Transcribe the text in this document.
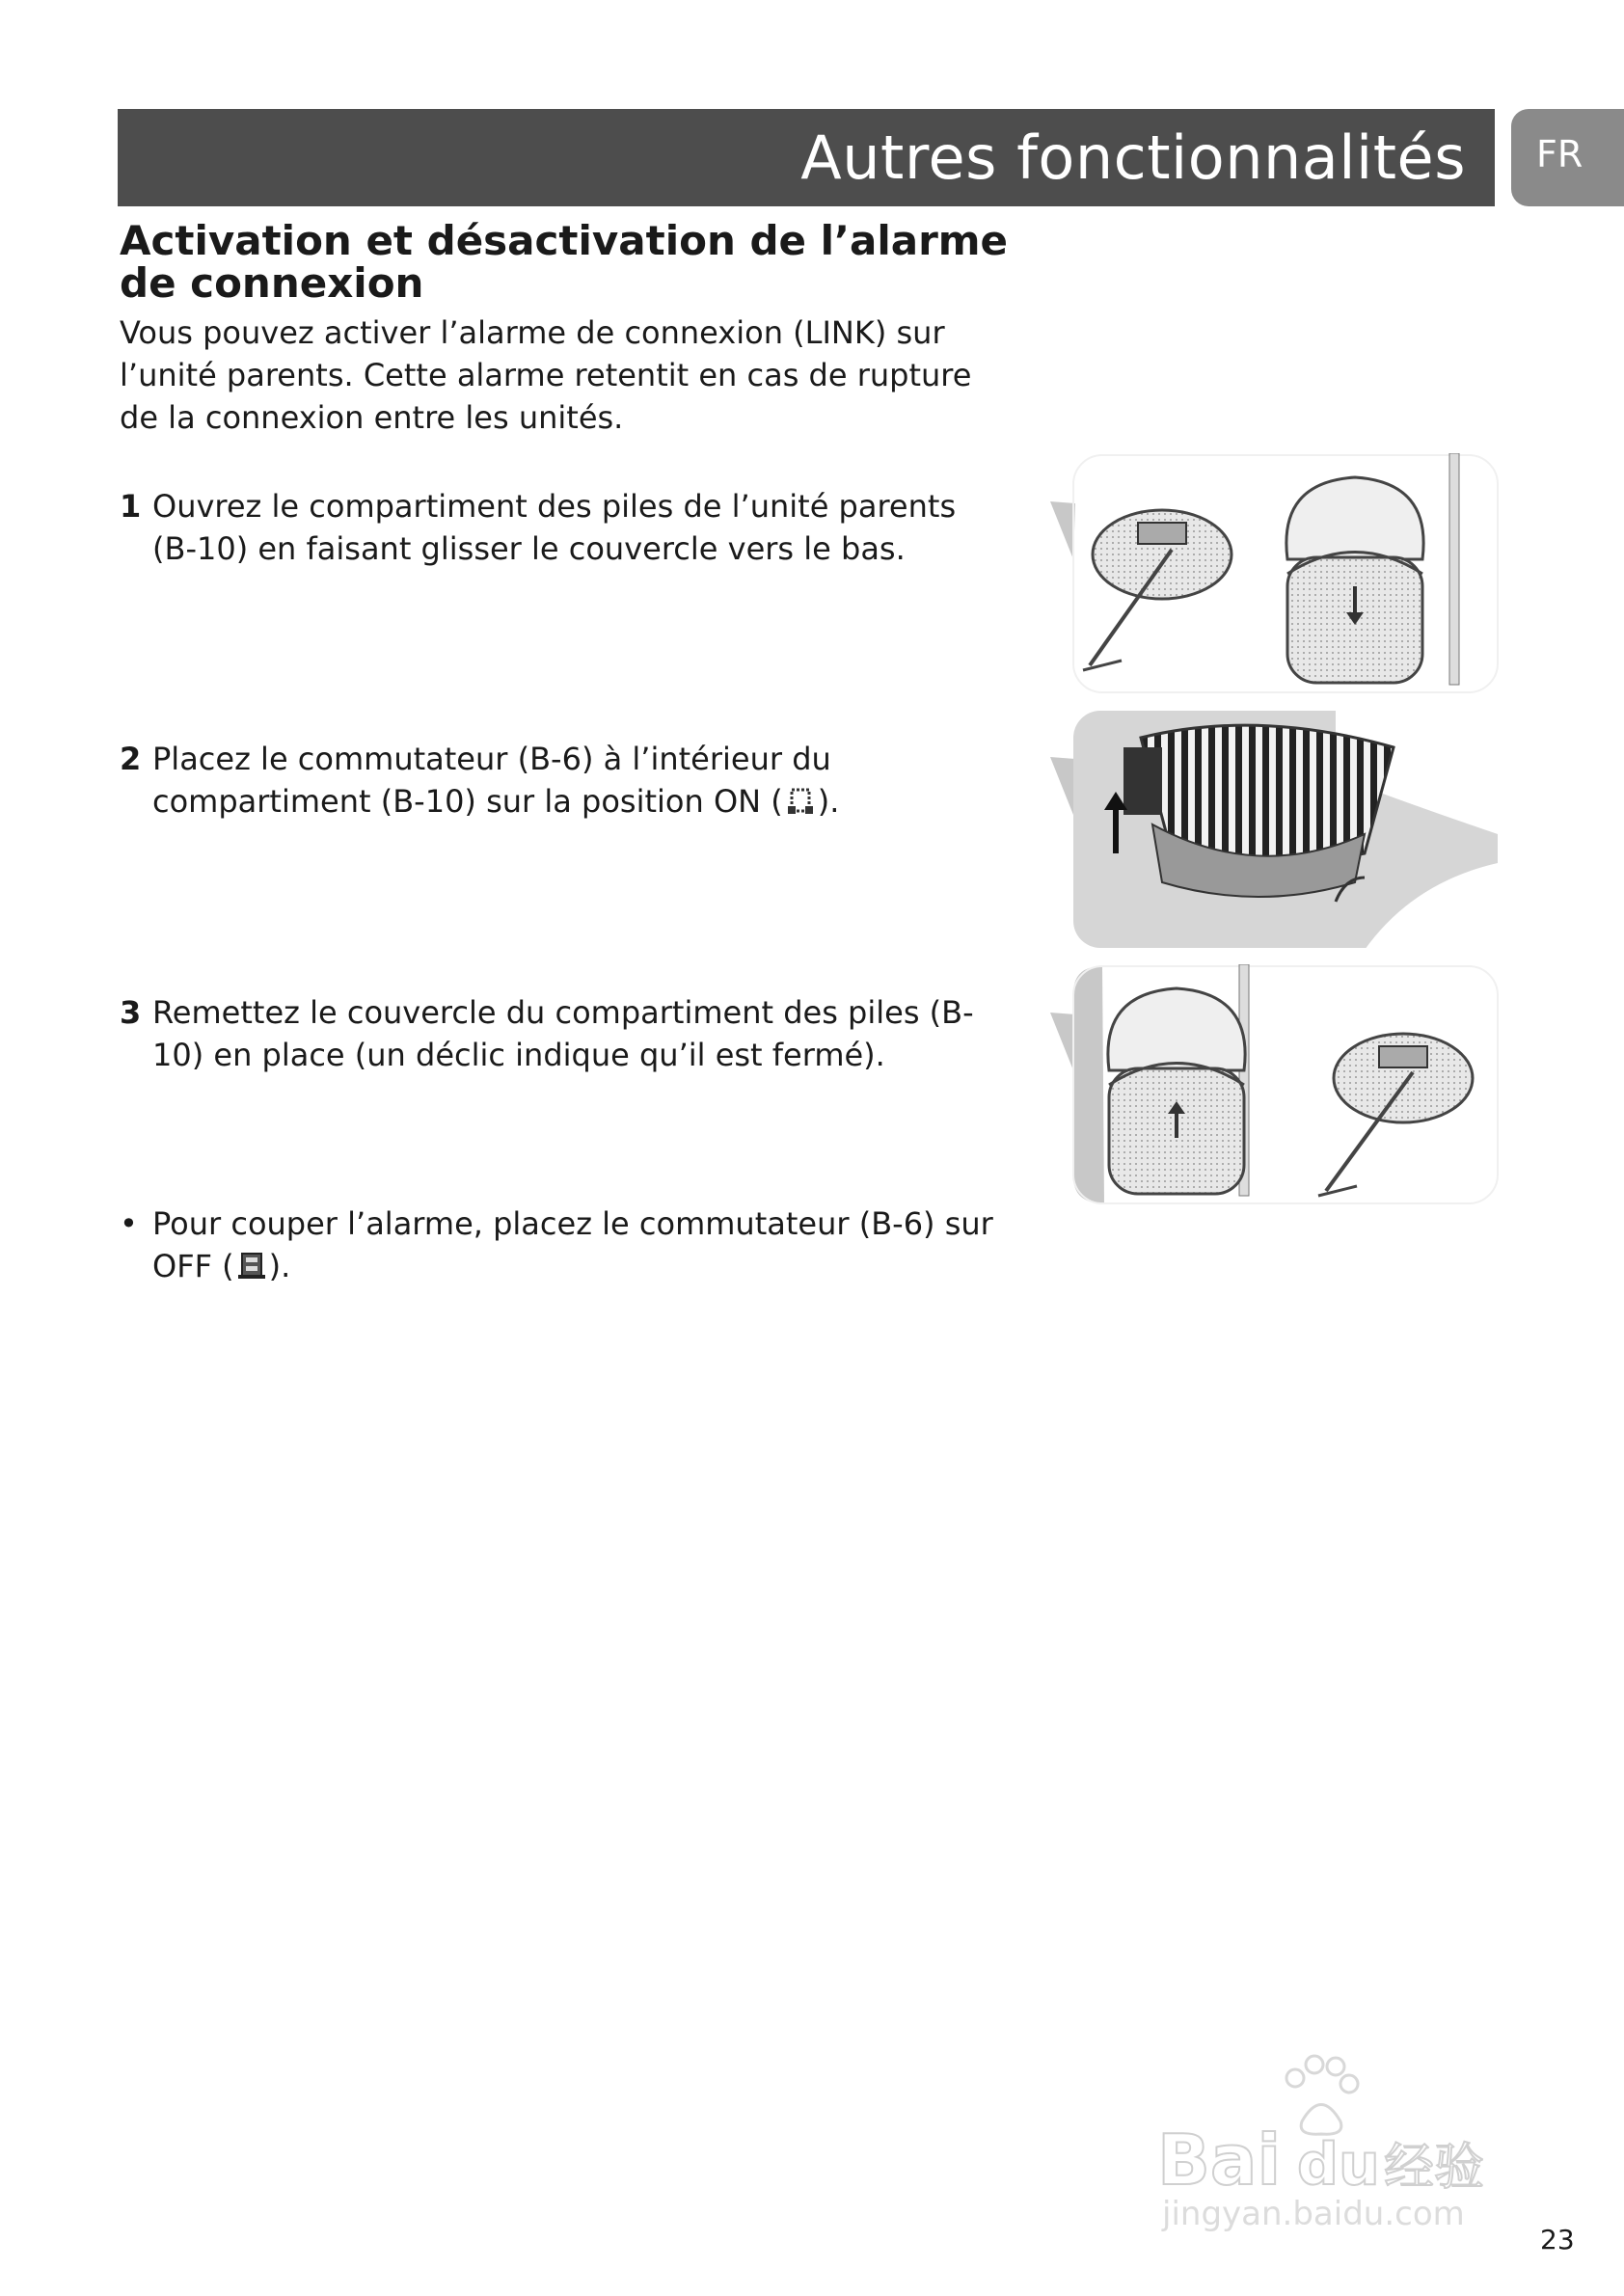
Autres fonctionnalités FR
Activation et désactivation de l’alarme de connexion

Vous pouvez activer l’alarme de connexion (LINK) sur l’unité parents. Cette alarme retentit en cas de rupture de la connexion entre les unités.

1 Ouvrez le compartiment des piles de l’unité parents (B-10) en faisant glisser le couvercle vers le bas.
2 Placez le commutateur (B-6) à l’intérieur du compartiment (B-10) sur la position ON ( ).
3 Remettez le couvercle du compartiment des piles (B-10) en place (un déclic indique qu’il est fermé).
• Pour couper l’alarme, placez le commutateur (B-6) sur OFF ( ).
Bai du 经验
jingyan.baidu.com
23
